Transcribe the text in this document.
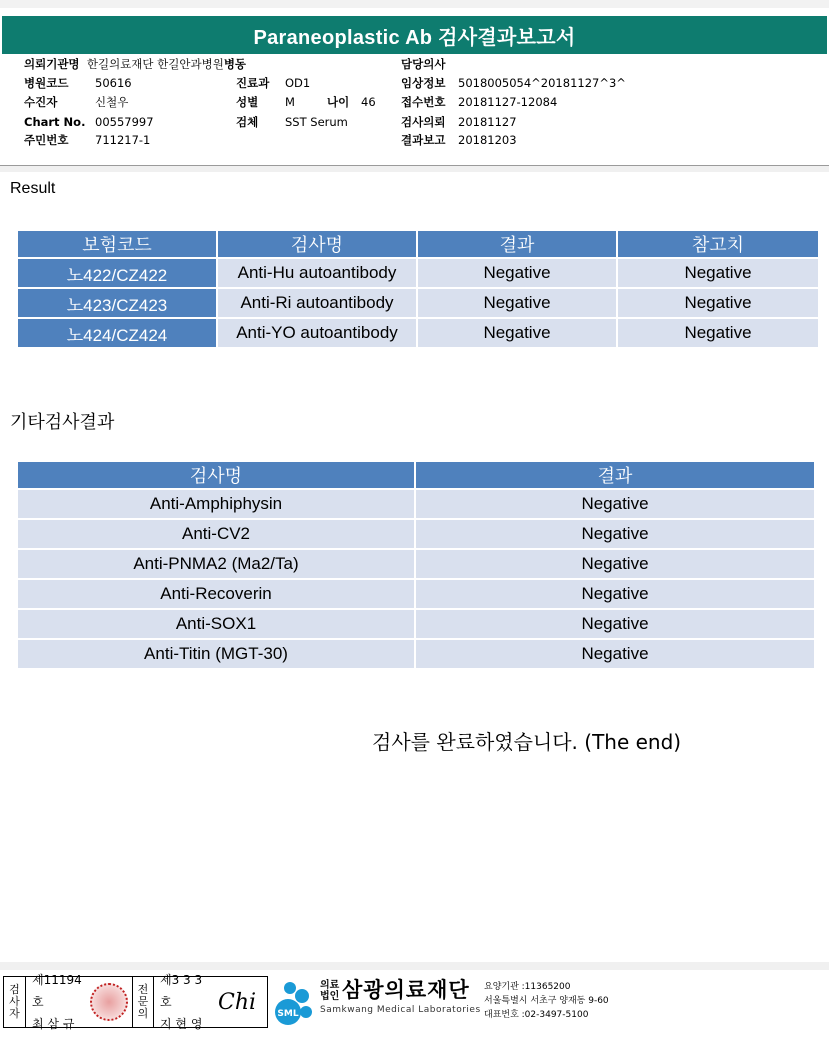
Paraneoplastic Ab 검사결과보고서
의뢰기관명 한길의료재단 한길안과병원병동
병원코드 50616
수진자	신철우
Chart No. 00557997
주민번호 711217-1
진료과 OD1
성별 M	나이 46
검체 SST Serum
담당의사
임상정보 5018005054^20181127^3^
접수번호 20181127-12084
검사의뢰 20181127
결과보고 20181203
Result
보험코드	검사명	결과	참고치
노422/CZ422	Anti-Hu autoantibody	Negative	Negative
노423/CZ423	Anti-Ri autoantibody	Negative	Negative
노424/CZ424	Anti-YO autoantibody	Negative	Negative
기타검사결과
검사명	결과
Anti-Amphiphysin	Negative
Anti-CV2	Negative
Anti-PNMA2 (Ma2/Ta)	Negative
Anti-Recoverin	Negative
Anti-SOX1	Negative
Anti-Titin (MGT-30)	Negative
검사를 완료하였습니다. (The end)
검
사
자
제11194호
최 삼 규
전
문
의
제3 3 3 호
지 현 영
Chi SML
의료
법인 삼광의료재단
Samkwang Medical Laboratories
요양기관 :11365200
서울특별시 서초구 양재동 9-60
대표번호 :02-3497-5100
